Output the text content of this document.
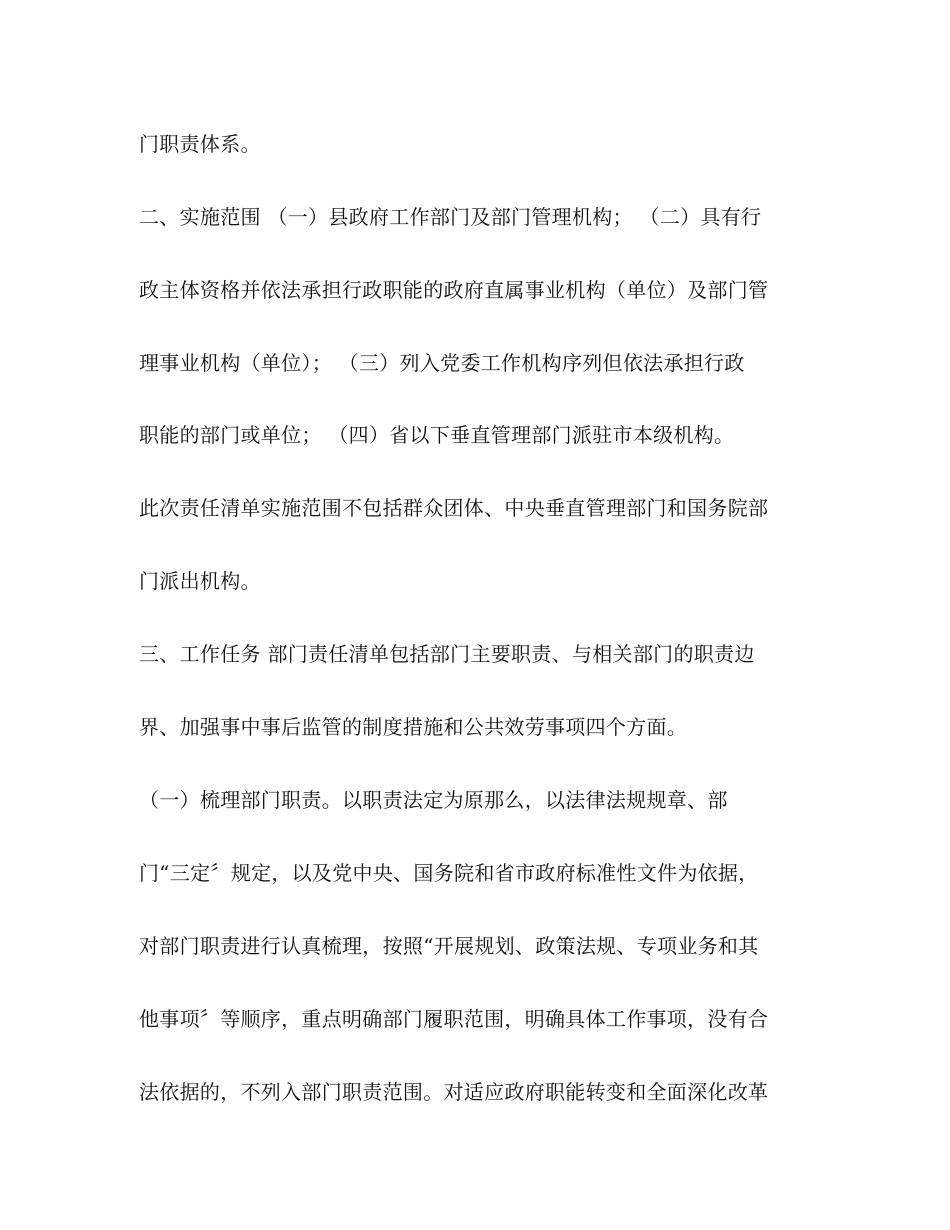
门职责体系。
二、实施范围 （一）县政府工作部门及部门管理机构； （二）具有行
政主体资格并依法承担行政职能的政府直属事业机构（单位）及部门管
理事业机构（单位）； （三）列入党委工作机构序列但依法承担行政
职能的部门或单位； （四）省以下垂直管理部门派驻市本级机构。
此次责任清单实施范围不包括群众团体、中央垂直管理部门和国务院部
门派出机构。
三、工作任务 部门责任清单包括部门主要职责、与相关部门的职责边
界、加强事中事后监管的制度措施和公共效劳事项四个方面。
（一）梳理部门职责。以职责法定为原那么，以法律法规规章、部
门“三定〞规定，以及党中央、国务院和省市政府标准性文件为依据，
对部门职责进行认真梳理，按照“开展规划、政策法规、专项业务和其
他事项〞等顺序，重点明确部门履职范围，明确具体工作事项，没有合
法依据的，不列入部门职责范围。对适应政府职能转变和全面深化改革
